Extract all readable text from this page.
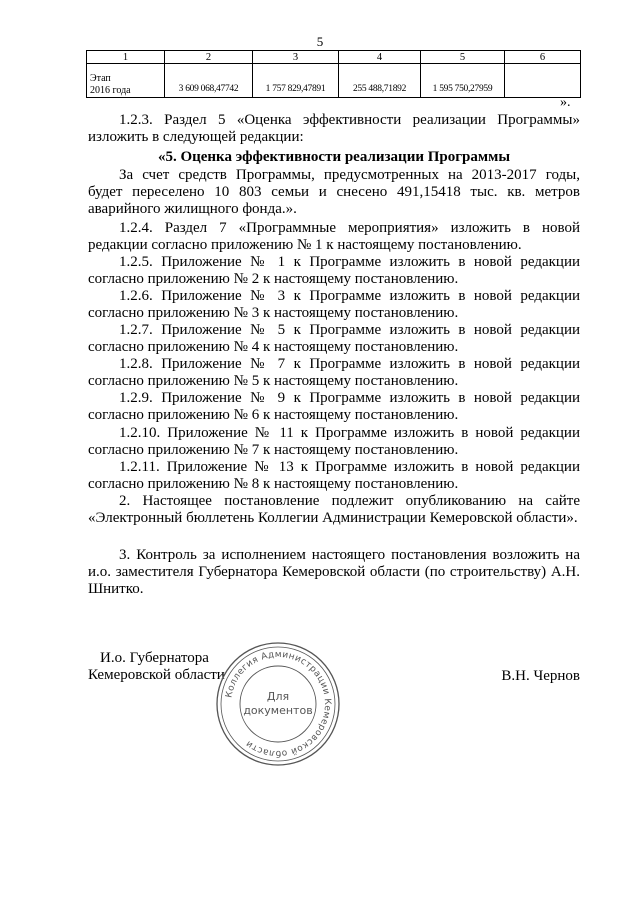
5
1	2	3	4	5	6

Этап
2016 года	3 609 068,47742	1 757 829,47891	255 488,71892	1 595 750,27959	
».
1.2.3. Раздел 5 «Оценка эффективности реализации Программы» изложить в следующей редакции:
«5. Оценка эффективности реализации Программы
За счет средств Программы, предусмотренных на 2013-2017 годы, будет переселено 10 803 семьи и снесено 491,15418 тыс. кв. метров аварийного жилищного фонда.».
1.2.4. Раздел 7 «Программные мероприятия» изложить в новой редакции согласно приложению № 1 к настоящему постановлению.
1.2.5. Приложение № 1 к Программе изложить в новой редакции согласно приложению № 2 к настоящему постановлению.
1.2.6. Приложение № 3 к Программе изложить в новой редакции согласно приложению № 3 к настоящему постановлению.
1.2.7. Приложение № 5 к Программе изложить в новой редакции согласно приложению № 4 к настоящему постановлению.
1.2.8. Приложение № 7 к Программе изложить в новой редакции согласно приложению № 5 к настоящему постановлению.
1.2.9. Приложение № 9 к Программе изложить в новой редакции согласно приложению № 6 к настоящему постановлению.
1.2.10. Приложение № 11 к Программе изложить в новой редакции согласно приложению № 7 к настоящему постановлению.
1.2.11. Приложение № 13 к Программе изложить в новой редакции согласно приложению № 8 к настоящему постановлению.
2. Настоящее постановление подлежит опубликованию на сайте «Электронный бюллетень Коллегии Администрации Кемеровской области».
3. Контроль за исполнением настоящего постановления возложить на и.о. заместителя Губернатора Кемеровской области (по строительству) А.Н. Шнитко.
И.о. Губернатора
Кемеровской области	В.Н. Чернов
Коллегия Администрации Кемеровской области
Для
документов
